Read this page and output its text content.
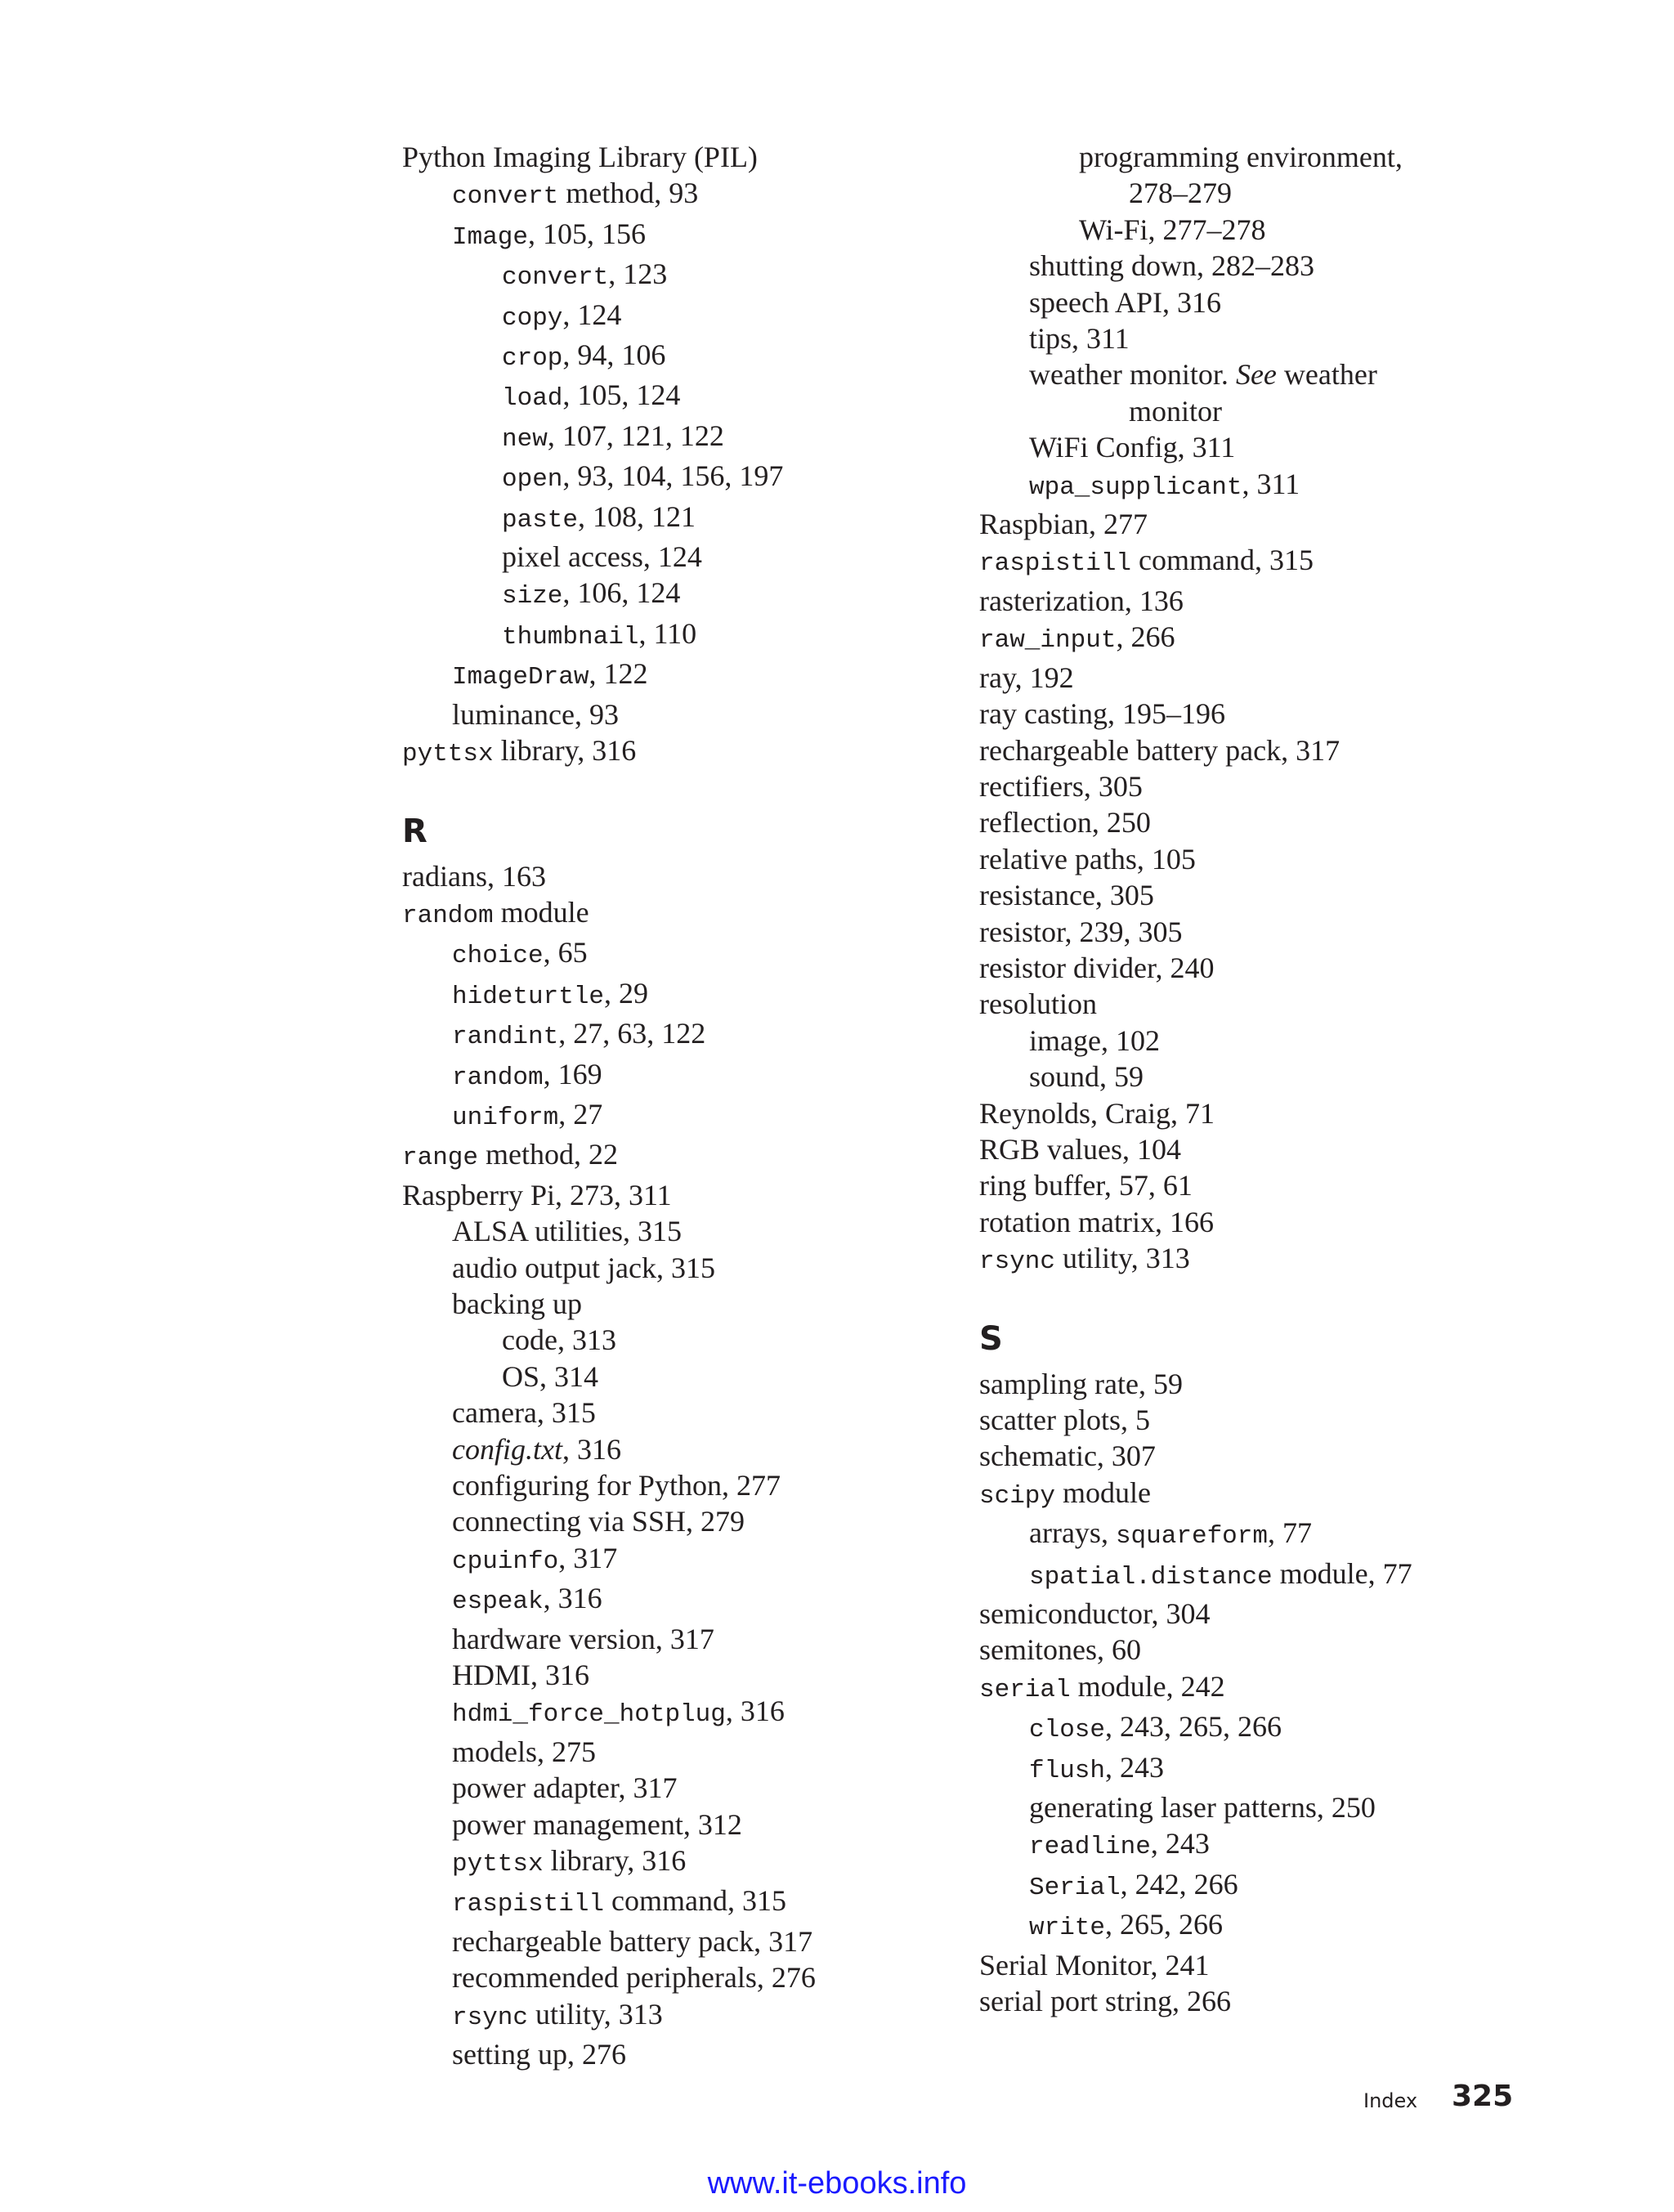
Python Imaging Library (PIL)
convert method, 93
Image, 105, 156
convert, 123
copy, 124
crop, 94, 106
load, 105, 124
new, 107, 121, 122
open, 93, 104, 156, 197
paste, 108, 121
pixel access, 124
size, 106, 124
thumbnail, 110
ImageDraw, 122
luminance, 93
pyttsx library, 316
R
radians, 163
random module
choice, 65
hideturtle, 29
randint, 27, 63, 122
random, 169
uniform, 27
range method, 22
Raspberry Pi, 273, 311
ALSA utilities, 315
audio output jack, 315
backing up
code, 313
OS, 314
camera, 315
config.txt, 316
configuring for Python, 277
connecting via SSH, 279
cpuinfo, 317
espeak, 316
hardware version, 317
HDMI, 316
hdmi_force_hotplug, 316
models, 275
power adapter, 317
power management, 312
pyttsx library, 316
raspistill command, 315
rechargeable battery pack, 317
recommended peripherals, 276
rsync utility, 313
setting up, 276
programming environment,
278–279
Wi-Fi, 277–278
shutting down, 282–283
speech API, 316
tips, 311
weather monitor. See weather
monitor
WiFi Config, 311
wpa_supplicant, 311
Raspbian, 277
raspistill command, 315
rasterization, 136
raw_input, 266
ray, 192
ray casting, 195–196
rechargeable battery pack, 317
rectifiers, 305
reflection, 250
relative paths, 105
resistance, 305
resistor, 239, 305
resistor divider, 240
resolution
image, 102
sound, 59
Reynolds, Craig, 71
RGB values, 104
ring buffer, 57, 61
rotation matrix, 166
rsync utility, 313
S
sampling rate, 59
scatter plots, 5
schematic, 307
scipy module
arrays, squareform, 77
spatial.distance module, 77
semiconductor, 304
semitones, 60
serial module, 242
close, 243, 265, 266
flush, 243
generating laser patterns, 250
readline, 243
Serial, 242, 266
write, 265, 266
Serial Monitor, 241
serial port string, 266
Index 325
www.it-ebooks.info
